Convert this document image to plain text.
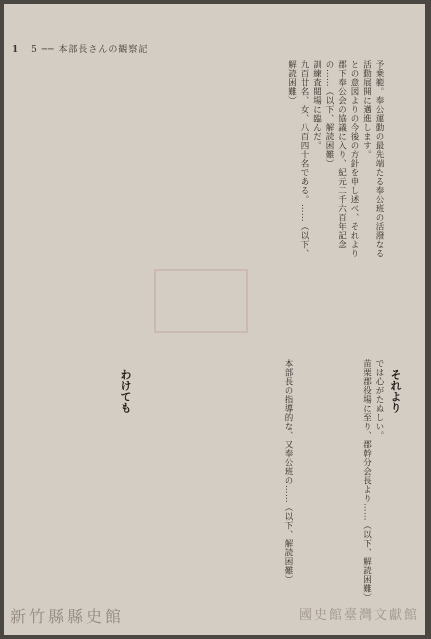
1 5 ── 本部長さんの観察記
予乗範。奉公運動の最先端たる奉公班の活潑なる活動展開に邁進します。
との意図よりの今後の方針を申し述べ、それより郡下奉公会の協議に入り、紀元二千六百年記念の……（以下、解読困難）
訓練査閲場に臨んだ。
九百廿名、女、八百四十名である。……（以下、解読困難）
それより
では心がたぬしい。
苗栗郡役場に至り、郡幹分会長より……（以下、解読困難）
わけても	本部長の指導的な、又奉公班の……（以下、解読困難）
新竹縣縣史館	國史館臺灣文獻館
